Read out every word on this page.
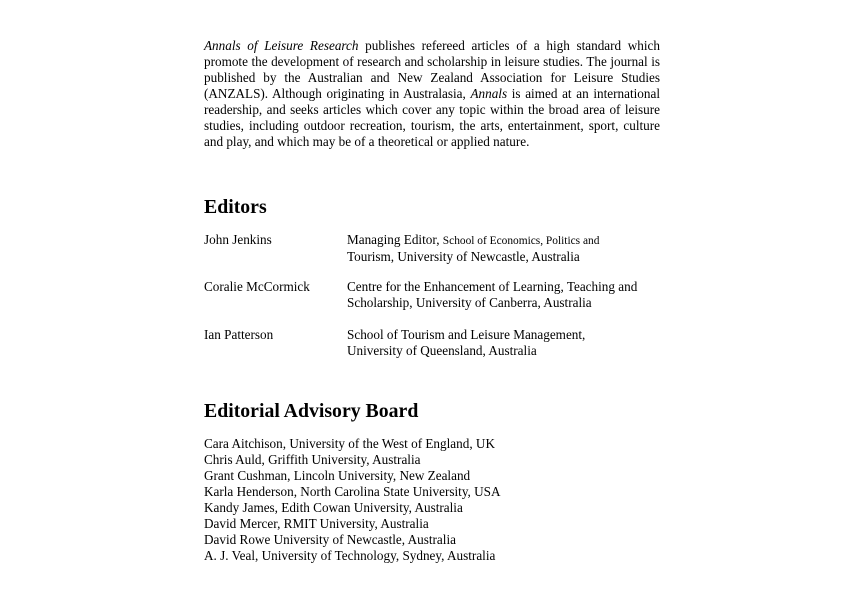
Annals of Leisure Research publishes refereed articles of a high standard which promote the development of research and scholarship in leisure studies. The journal is published by the Australian and New Zealand Association for Leisure Studies (ANZALS). Although originating in Australasia, Annals is aimed at an international readership, and seeks articles which cover any topic within the broad area of leisure studies, including outdoor recreation, tourism, the arts, entertainment, sport, culture and play, and which may be of a theoretical or applied nature.

Editors
John Jenkins	Managing Editor, School of Economics, Politics and
Tourism, University of Newcastle, Australia
Coralie McCormick	Centre for the Enhancement of Learning, Teaching and
Scholarship, University of Canberra, Australia
Ian Patterson	School of Tourism and Leisure Management,
University of Queensland, Australia
Editorial Advisory Board
Cara Aitchison, University of the West of England, UK
Chris Auld, Griffith University, Australia
Grant Cushman, Lincoln University, New Zealand
Karla Henderson, North Carolina State University, USA
Kandy James, Edith Cowan University, Australia
David Mercer, RMIT University, Australia
David Rowe University of Newcastle, Australia
A. J. Veal, University of Technology, Sydney, Australia
